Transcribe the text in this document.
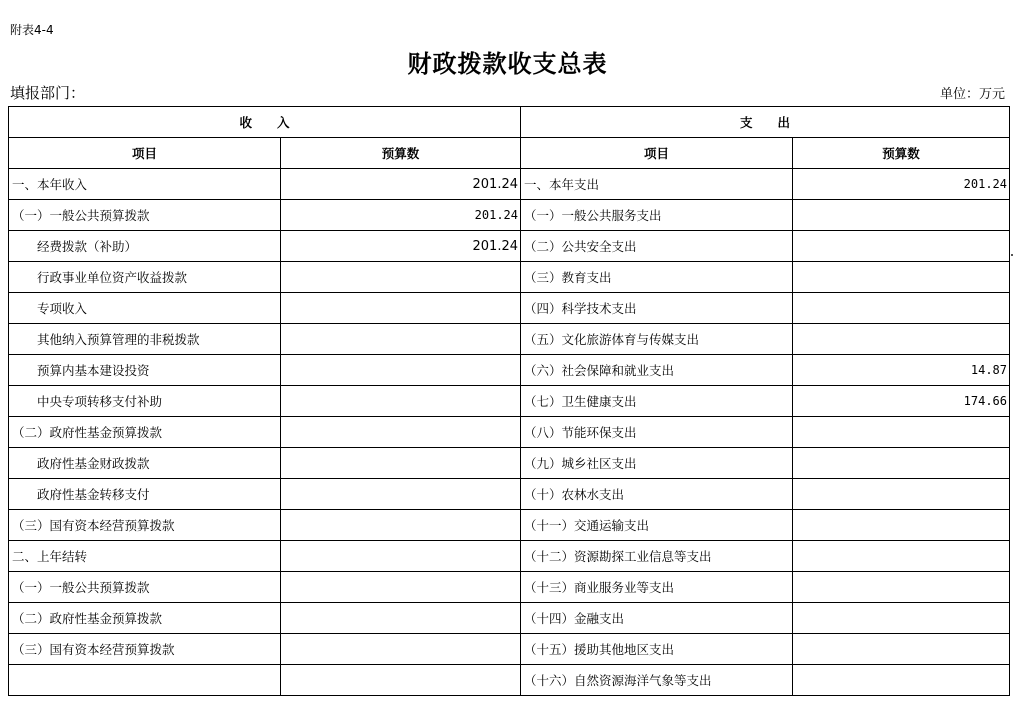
附表4-4
财政拨款收支总表
填报部门：	单位：万元
收　　入		支　　出	
项目	预算数	项目	预算数
一、本年收入	201.24	一、本年支出	201.24
（一）一般公共预算拨款	201.24	（一）一般公共服务支出	
经费拨款（补助）	201.24	（二）公共安全支出	
行政事业单位资产收益拨款		（三）教育支出	
专项收入		（四）科学技术支出	
其他纳入预算管理的非税拨款		（五）文化旅游体育与传媒支出	
预算内基本建设投资		（六）社会保障和就业支出	14.87
中央专项转移支付补助		（七）卫生健康支出	174.66
（二）政府性基金预算拨款		（八）节能环保支出	
政府性基金财政拨款		（九）城乡社区支出	
政府性基金转移支付		（十）农林水支出	
（三）国有资本经营预算拨款		（十一）交通运输支出	
二、上年结转		（十二）资源勘探工业信息等支出	
（一）一般公共预算拨款		（十三）商业服务业等支出	
（二）政府性基金预算拨款		（十四）金融支出	
（三）国有资本经营预算拨款		（十五）援助其他地区支出	
		（十六）自然资源海洋气象等支出	
